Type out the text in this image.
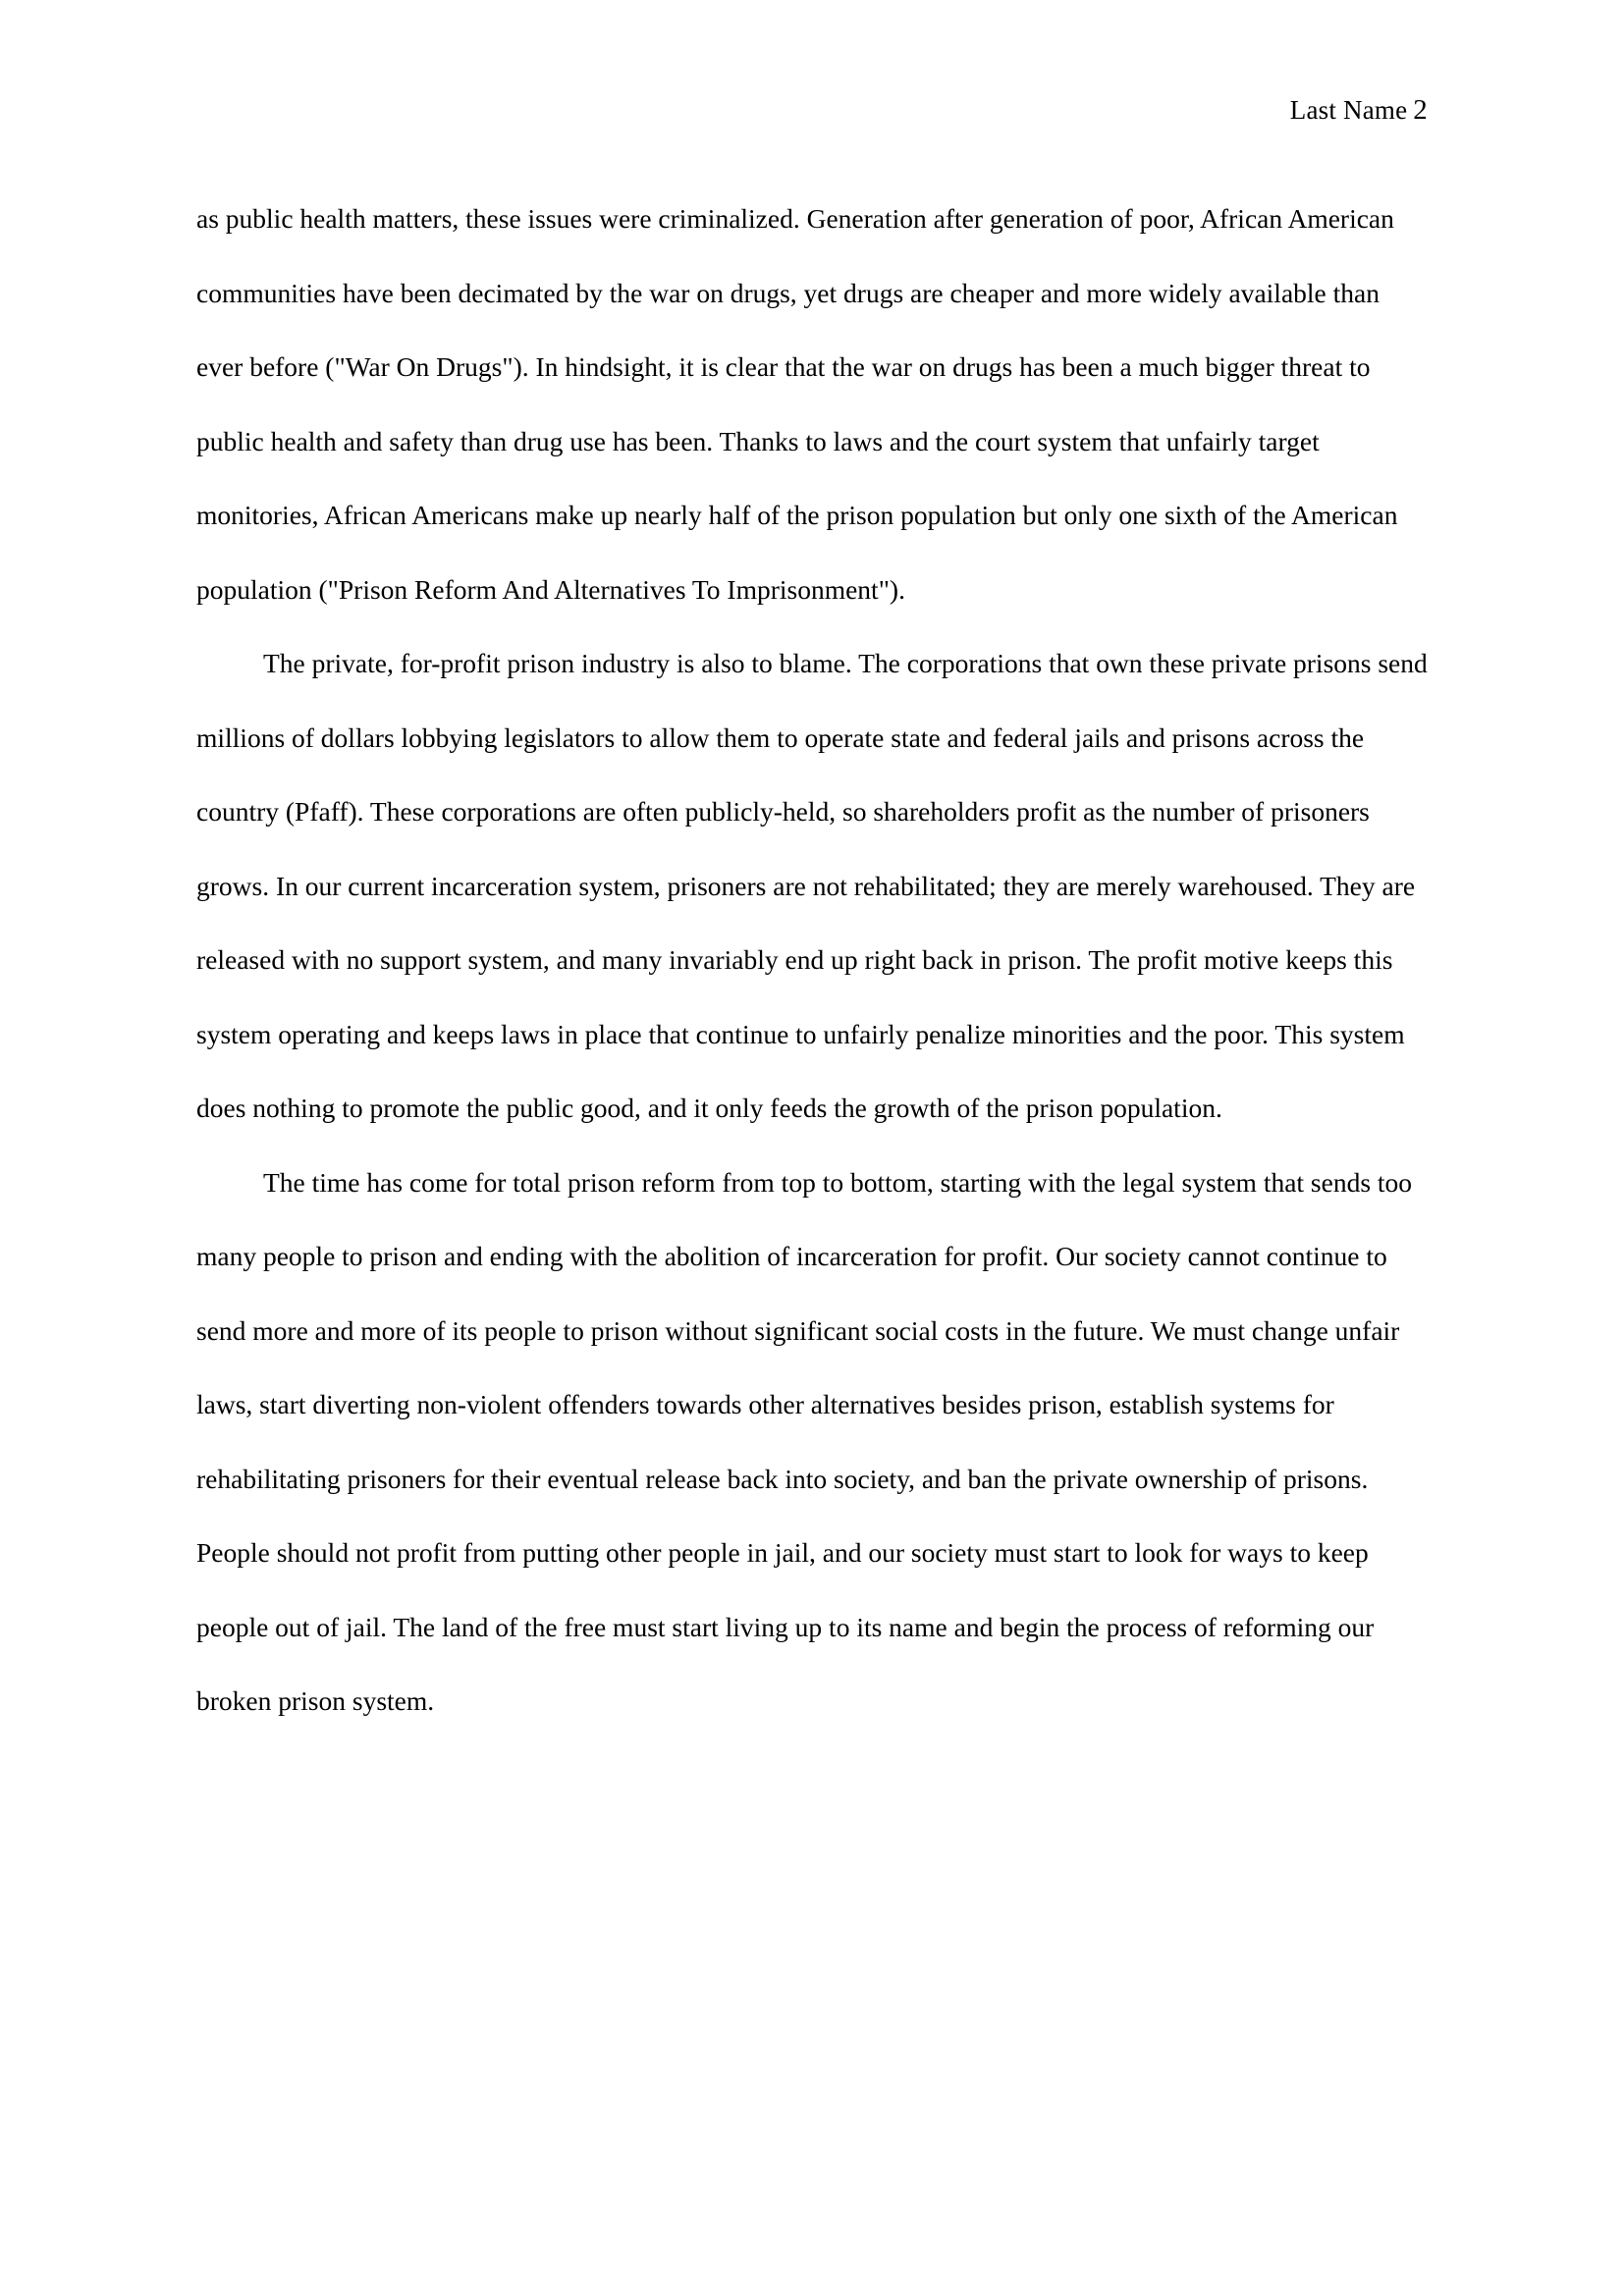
Last Name 2

as public health matters, these issues were criminalized. Generation after generation of poor, African American communities have been decimated by the war on drugs, yet drugs are cheaper and more widely available than ever before ("War On Drugs"). In hindsight, it is clear that the war on drugs has been a much bigger threat to public health and safety than drug use has been. Thanks to laws and the court system that unfairly target monitories, African Americans make up nearly half of the prison population but only one sixth of the American population ("Prison Reform And Alternatives To Imprisonment").

The private, for-profit prison industry is also to blame. The corporations that own these private prisons send millions of dollars lobbying legislators to allow them to operate state and federal jails and prisons across the country (Pfaff). These corporations are often publicly-held, so shareholders profit as the number of prisoners grows. In our current incarceration system, prisoners are not rehabilitated; they are merely warehoused. They are released with no support system, and many invariably end up right back in prison. The profit motive keeps this system operating and keeps laws in place that continue to unfairly penalize minorities and the poor. This system does nothing to promote the public good, and it only feeds the growth of the prison population.

The time has come for total prison reform from top to bottom, starting with the legal system that sends too many people to prison and ending with the abolition of incarceration for profit. Our society cannot continue to send more and more of its people to prison without significant social costs in the future. We must change unfair laws, start diverting non-violent offenders towards other alternatives besides prison, establish systems for rehabilitating prisoners for their eventual release back into society, and ban the private ownership of prisons. People should not profit from putting other people in jail, and our society must start to look for ways to keep people out of jail. The land of the free must start living up to its name and begin the process of reforming our broken prison system.
